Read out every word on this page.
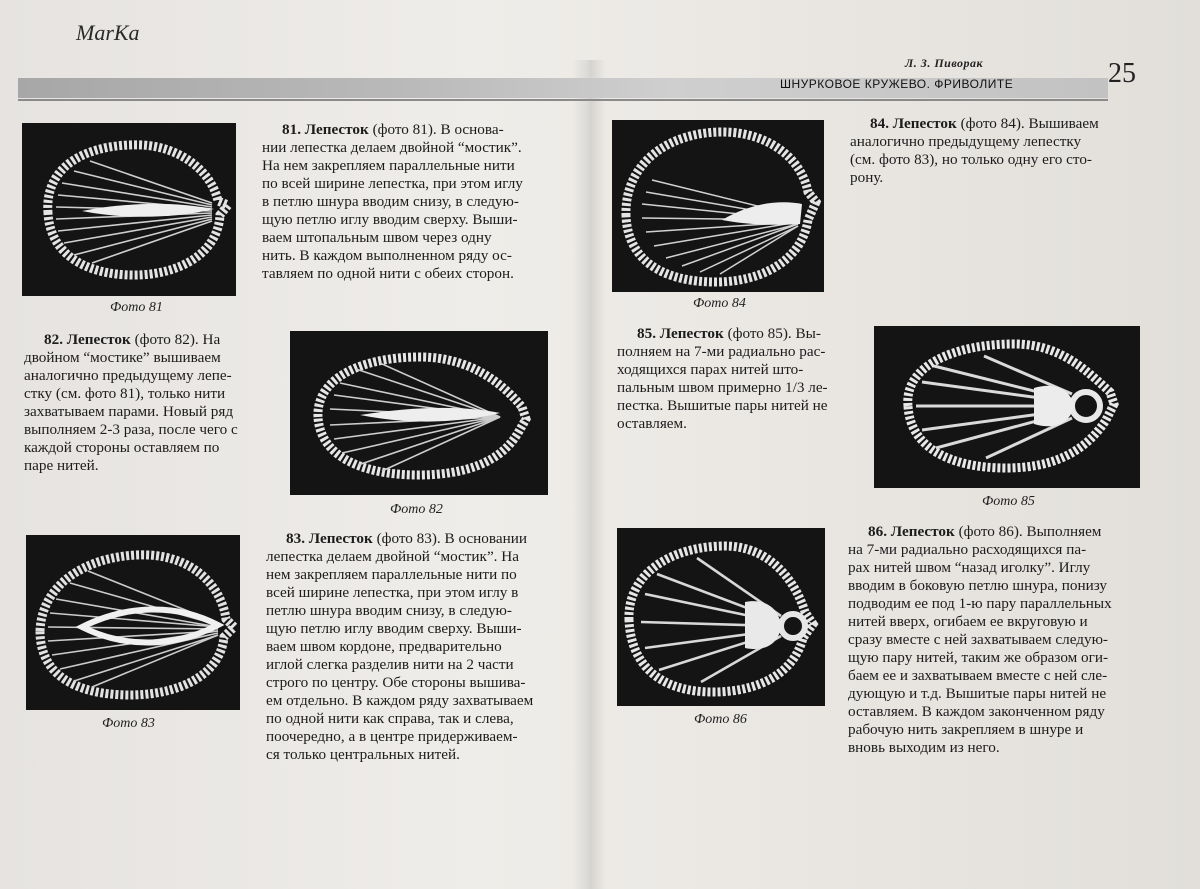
MarKa
Л. З. Пиворак
ШНУРКОВОЕ КРУЖЕВО. ФРИВОЛИТЕ	25
Фото 81
Фото 82
Фото 83
Фото 84
Фото 85
Фото 86

81. Лепесток (фото 81). В основа-

нии лепестка делаем двойной “мостик”.

На нем закрепляем параллельные нити

по всей ширине лепестка, при этом иглу

в петлю шнура вводим снизу, в следую-

щую петлю иглу вводим сверху. Выши-

ваем штопальным швом через одну

нить. В каждом выполненном ряду ос-

тавляем по одной нити с обеих сторон.

82. Лепесток (фото 82). На

двойном “мостике” вышиваем

аналогично предыдущему лепе-

стку (см. фото 81), только нити

захватываем парами. Новый ряд

выполняем 2-3 раза, после чего с

каждой стороны оставляем по

паре нитей.

83. Лепесток (фото 83). В основании

лепестка делаем двойной “мостик”. На

нем закрепляем параллельные нити по

всей ширине лепестка, при этом иглу в

петлю шнура вводим снизу, в следую-

щую петлю иглу вводим сверху. Выши-

ваем швом кордоне, предварительно

иглой слегка разделив нити на 2 части

строго по центру. Обе стороны вышива-

ем отдельно. В каждом ряду захватываем

по одной нити как справа, так и слева,

поочередно, а в центре придерживаем-

ся только центральных нитей.

84. Лепесток (фото 84). Вышиваем

аналогично предыдущему лепестку

(см. фото 83), но только одну его сто-

рону.

85. Лепесток (фото 85). Вы-

полняем на 7-ми радиально рас-

ходящихся парах нитей што-

пальным швом примерно 1/3 ле-

пестка. Вышитые пары нитей не

оставляем.

86. Лепесток (фото 86). Выполняем

на 7-ми радиально расходящихся па-

рах нитей швом “назад иголку”. Иглу

вводим в боковую петлю шнура, понизу

подводим ее под 1-ю пару параллельных

нитей вверх, огибаем ее вкруговую и

сразу вместе с ней захватываем следую-

щую пару нитей, таким же образом оги-

баем ее и захватываем вместе с ней сле-

дующую и т.д. Вышитые пары нитей не

оставляем. В каждом законченном ряду

рабочую нить закрепляем в шнуре и

вновь выходим из него.
